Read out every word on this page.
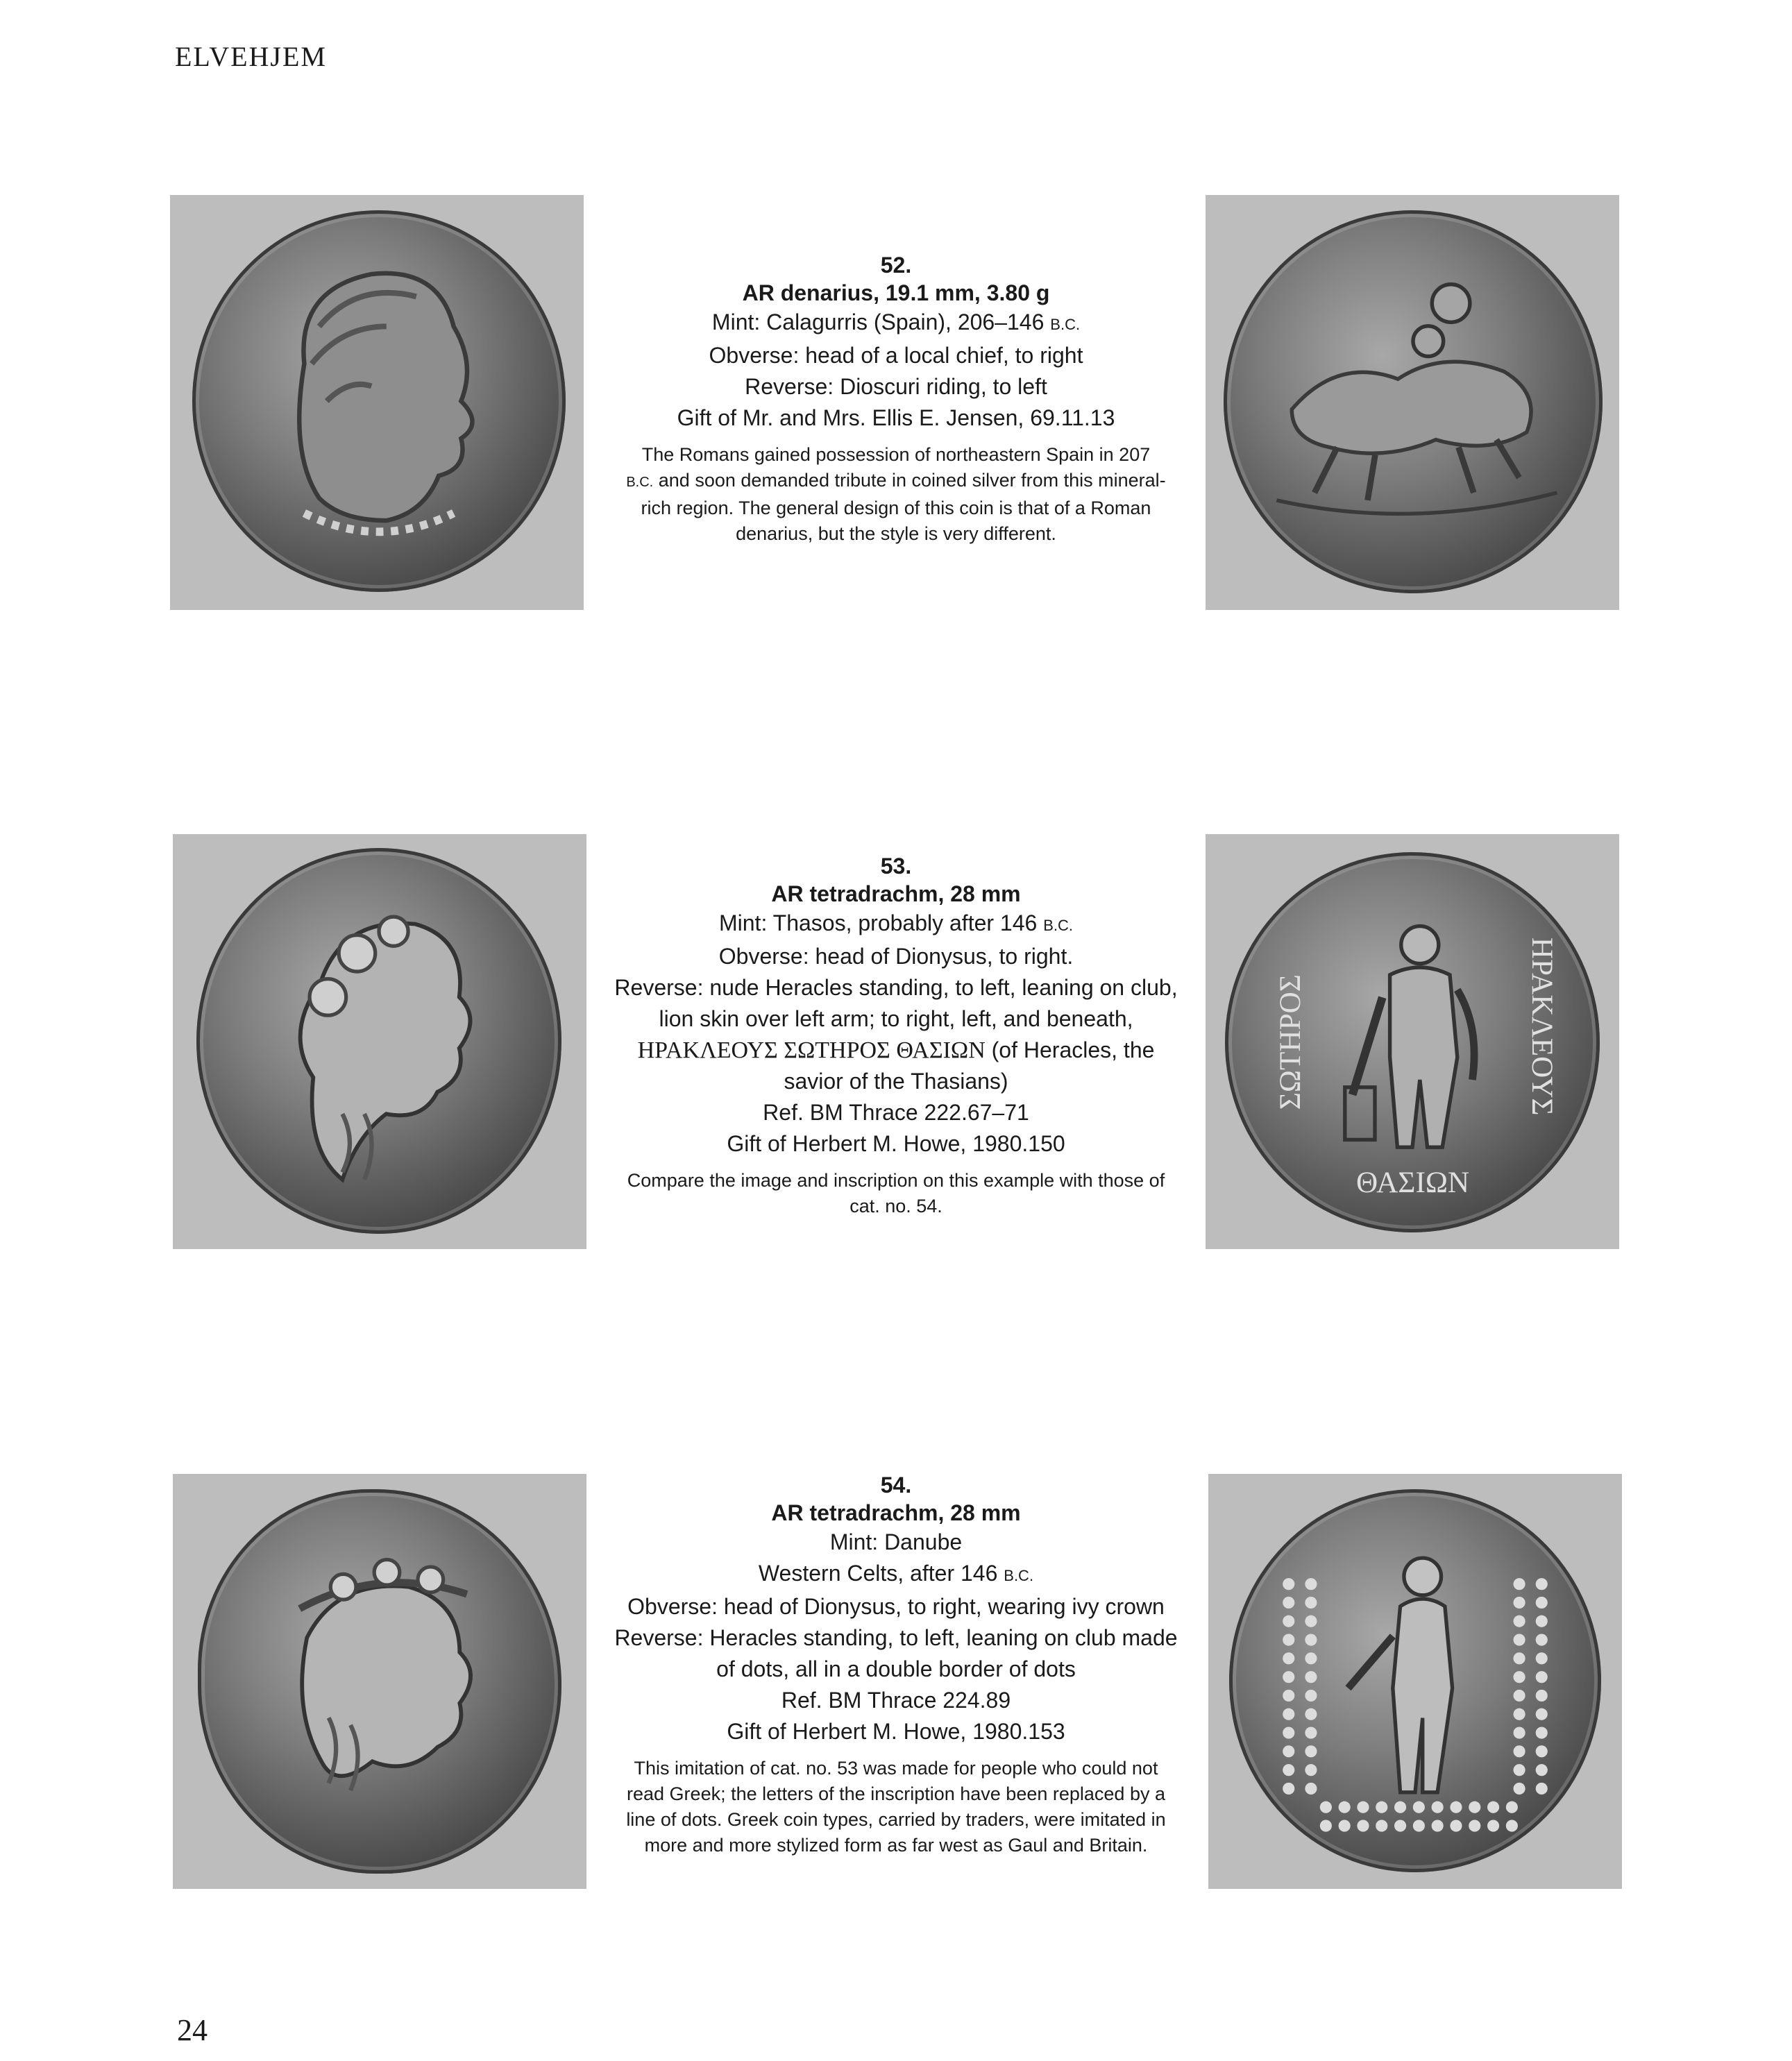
ELVEHJEM
52.
AR denarius, 19.1 mm, 3.80 g
Mint: Calagurris (Spain), 206–146 B.C.
Obverse: head of a local chief, to right
Reverse: Dioscuri riding, to left
Gift of Mr. and Mrs. Ellis E. Jensen, 69.11.13
The Romans gained possession of northeastern Spain in 207 B.C. and soon demanded tribute in coined silver from this mineral-rich region. The general design of this coin is that of a Roman denarius, but the style is very different.
53.
AR tetradrachm, 28 mm
Mint: Thasos, probably after 146 B.C.
Obverse: head of Dionysus, to right.
Reverse: nude Heracles standing, to left, leaning on club, lion skin over left arm; to right, left, and beneath, ΗΡΑΚΛΕΟΥΣ ΣΩΤΗΡΟΣ ΘΑΣΙΩΝ (of Heracles, the savior of the Thasians)
Ref. BM Thrace 222.67–71
Gift of Herbert M. Howe, 1980.150
Compare the image and inscription on this example with those of cat. no. 54.
ΣΩΤΗΡΟΣ	ΗΡΑΚΛΕΟΥΣ
ΘΑΣΙΩΝ
54.
AR tetradrachm, 28 mm
Mint: Danube
Western Celts, after 146 B.C.
Obverse: head of Dionysus, to right, wearing ivy crown
Reverse: Heracles standing, to left, leaning on club made of dots, all in a double border of dots
Ref. BM Thrace 224.89
Gift of Herbert M. Howe, 1980.153
This imitation of cat. no. 53 was made for people who could not read Greek; the letters of the inscription have been replaced by a line of dots. Greek coin types, carried by traders, were imitated in more and more stylized form as far west as Gaul and Britain.
24
